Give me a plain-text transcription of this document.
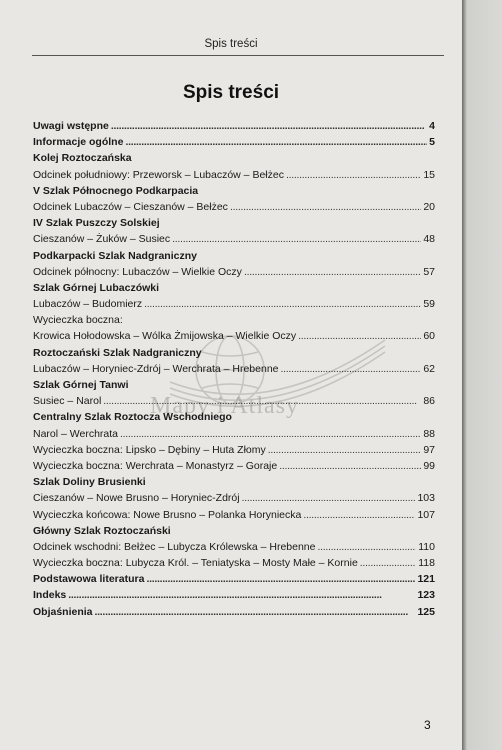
Spis treści
Spis treści
Mapy i Atlasy
Uwagi wstępne . . .	4
Informacje ogólne . . .	5
Kolej Roztoczańska
Odcinek południowy: Przeworsk – Lubaczów – Bełżec . . .	15
V Szlak Północnego Podkarpacia
Odcinek Lubaczów – Cieszanów – Bełżec . . .	20
IV Szlak Puszczy Solskiej
Cieszanów – Żuków – Susiec . . .	48
Podkarpacki Szlak Nadgraniczny
Odcinek północny: Lubaczów – Wielkie Oczy . . .	57
Szlak Górnej Lubaczówki
Lubaczów – Budomierz . . .	59
Wycieczka boczna:
Krowica Hołodowska – Wólka Żmijowska – Wielkie Oczy . . .	60
Roztoczański Szlak Nadgraniczny
Lubaczów – Horyniec-Zdrój – Werchrata – Hrebenne . . .	62
Szlak Górnej Tanwi
Susiec – Narol . . .	86
Centralny Szlak Roztocza Wschodniego
Narol – Werchrata . . .	88
Wycieczka boczna: Lipsko – Dębiny – Huta Złomy . . .	97
Wycieczka boczna: Werchrata – Monastyrz – Goraje . . .	99
Szlak Doliny Brusienki
Cieszanów – Nowe Brusno – Horyniec-Zdrój . . .	103
Wycieczka końcowa: Nowe Brusno – Polanka Horyniecka . . .	107
Główny Szlak Roztoczański
Odcinek wschodni: Bełżec – Lubycza Królewska – Hrebenne . . .	110
Wycieczka boczna: Lubycza Król. – Teniatyska – Mosty Małe – Kornie . . .	118
Podstawowa literatura . . .	121
Indeks . . .	123
Objaśnienia . . .	125
3
